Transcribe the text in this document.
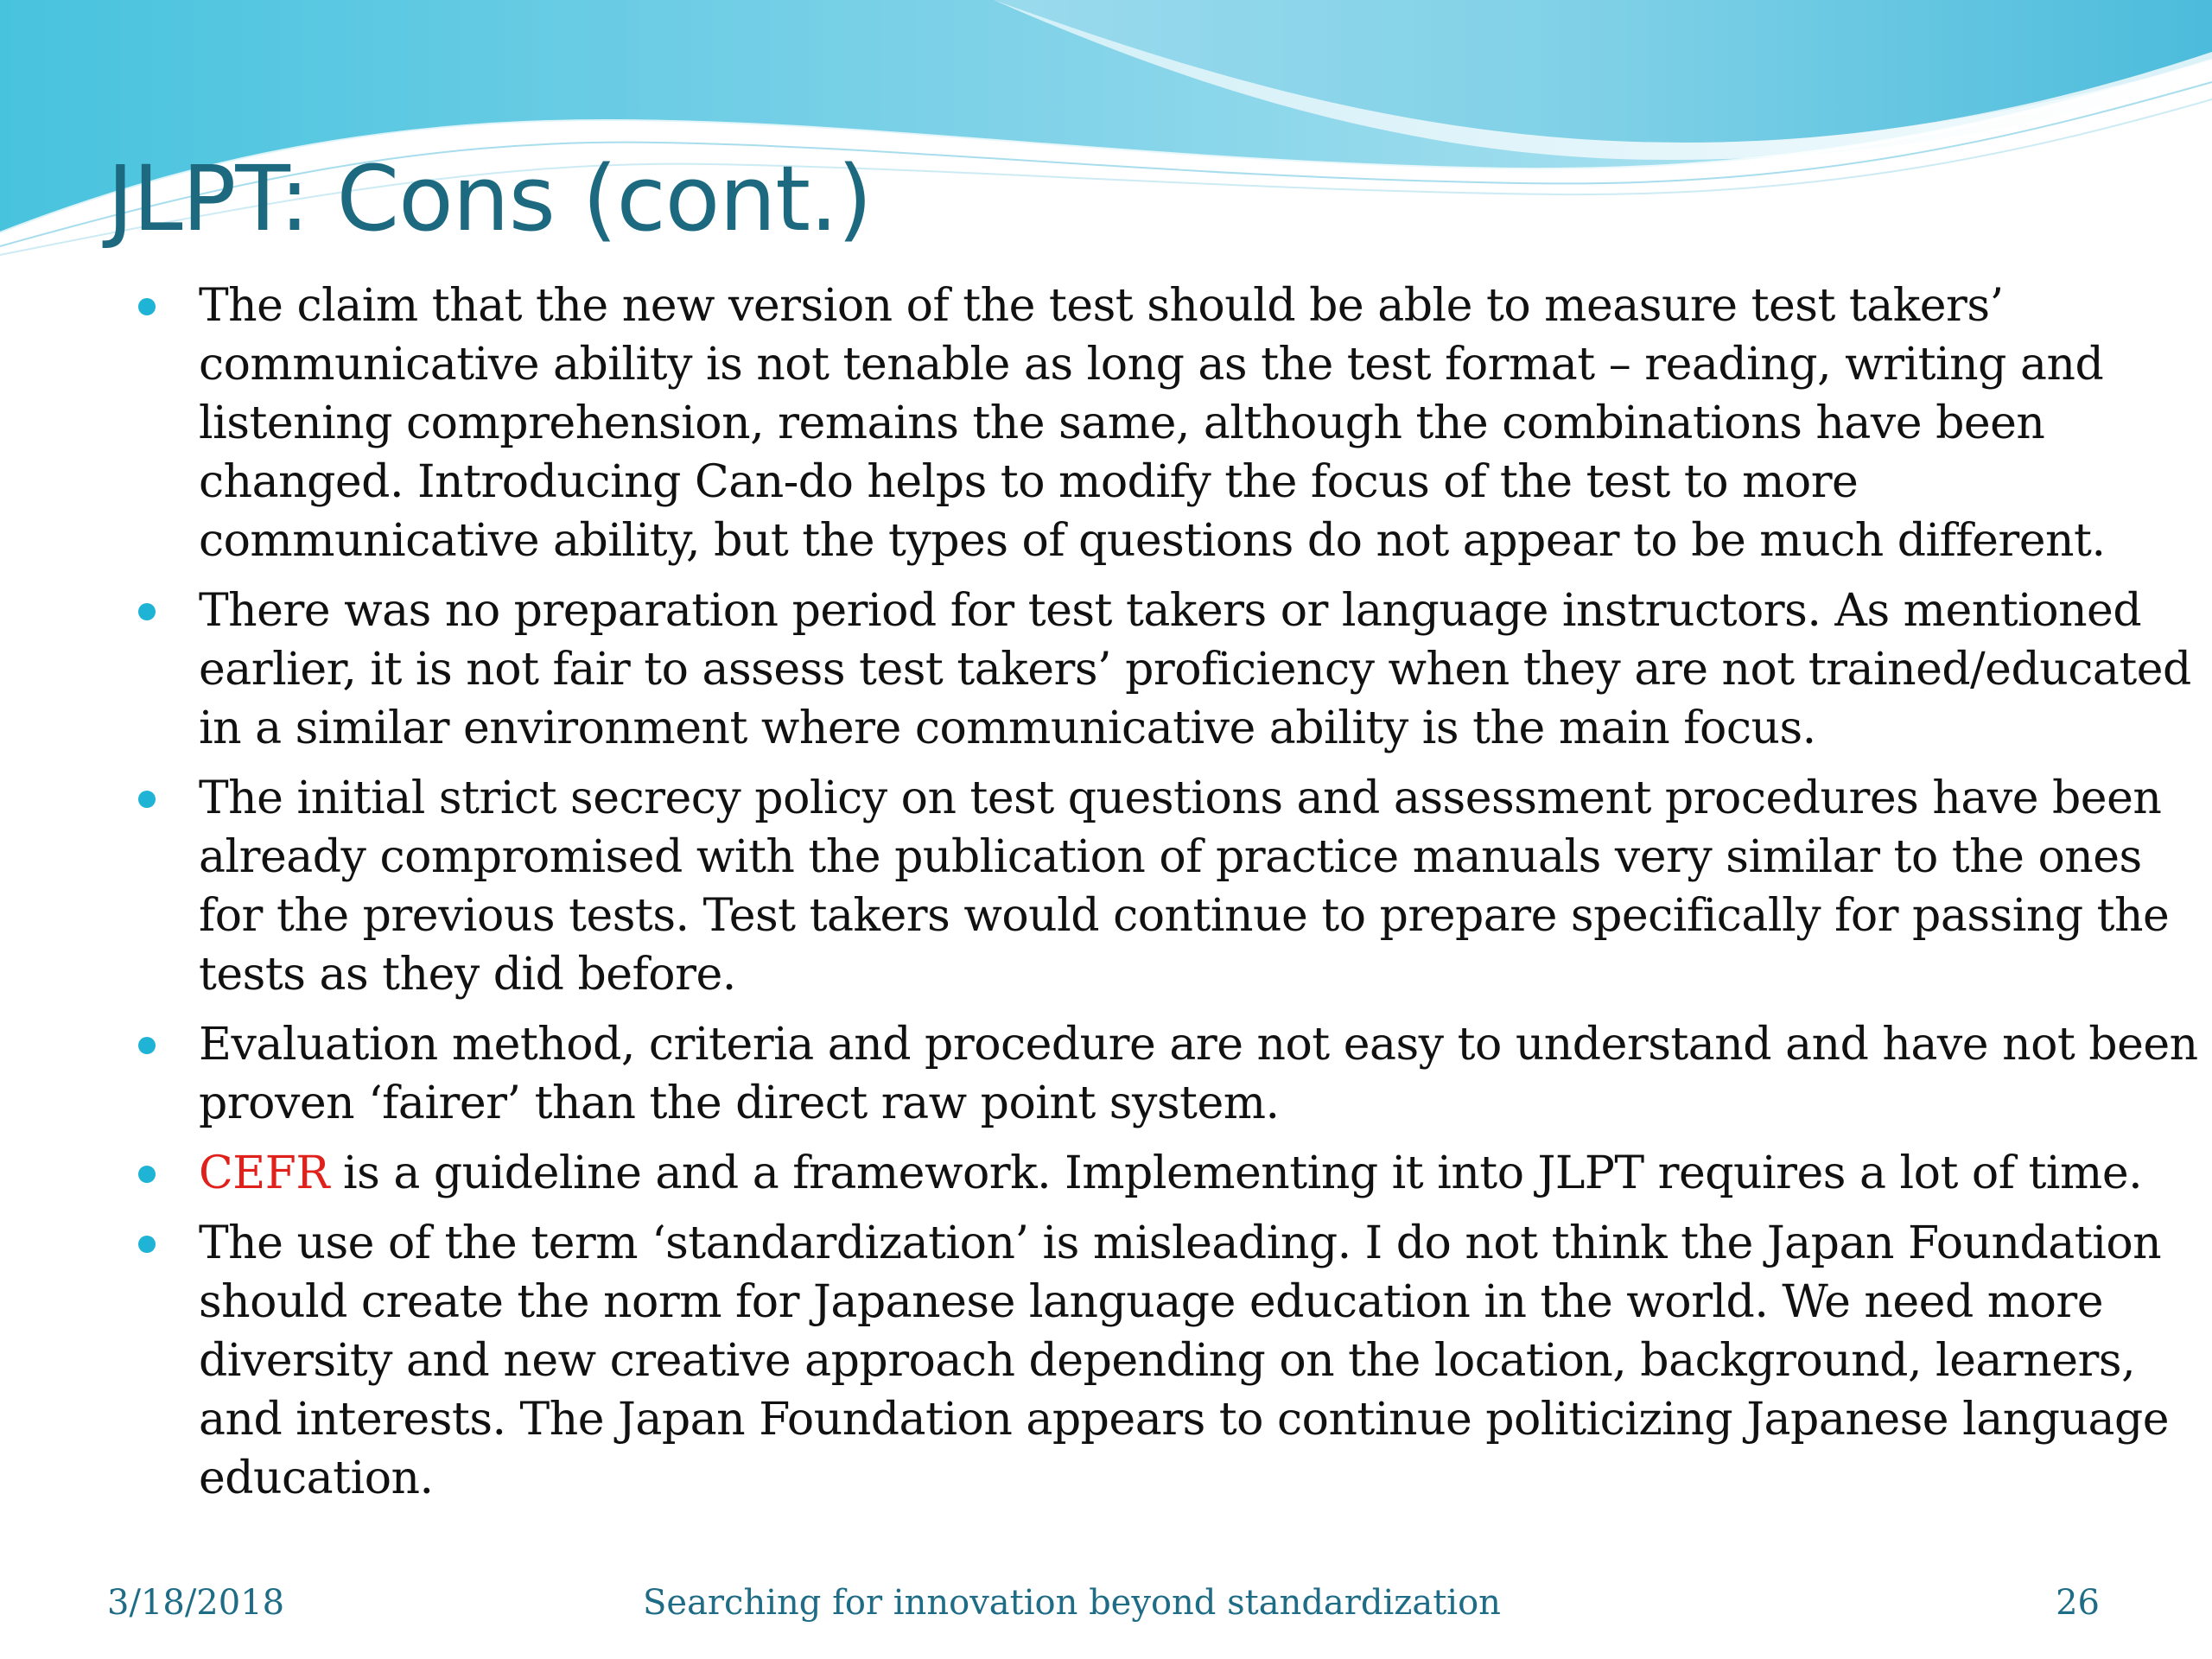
JLPT: Cons (cont.)
The claim that the new version of the test should be able to measure test takers’
communicative ability is not tenable as long as the test format – reading, writing and
listening comprehension, remains the same, although the combinations have been
changed. Introducing Can-do helps to modify the focus of the test to more
communicative ability, but the types of questions do not appear to be much different.
There was no preparation period for test takers or language instructors. As mentioned
earlier, it is not fair to assess test takers’ proficiency when they are not trained/educated
in a similar environment where communicative ability is the main focus.
The initial strict secrecy policy on test questions and assessment procedures have been
already compromised with the publication of practice manuals very similar to the ones
for the previous tests. Test takers would continue to prepare specifically for passing the
tests as they did before.
Evaluation method, criteria and procedure are not easy to understand and have not been
proven ‘fairer’ than the direct raw point system.
CEFR is a guideline and a framework. Implementing it into JLPT requires a lot of time.
The use of the term ‘standardization’ is misleading. I do not think the Japan Foundation
should create the norm for Japanese language education in the world. We need more
diversity and new creative approach depending on the location, background, learners,
and interests. The Japan Foundation appears to continue politicizing Japanese language
education.
3/18/2018	Searching for innovation beyond standardization	26
